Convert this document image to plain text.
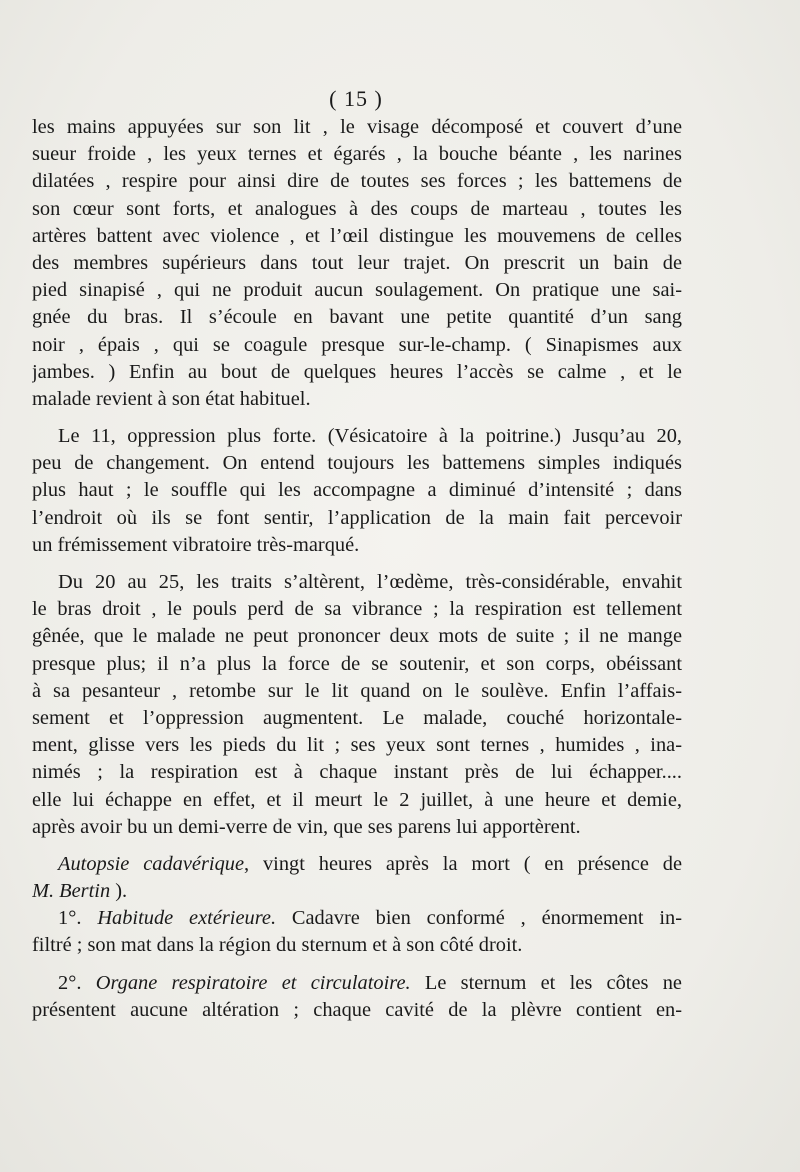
( 15 )
les mains appuyées sur son lit , le visage décomposé et couvert d’une
sueur froide , les yeux ternes et égarés , la bouche béante , les narines
dilatées , respire pour ainsi dire de toutes ses forces ; les battemens de
son cœur sont forts, et analogues à des coups de marteau , toutes les
artères battent avec violence , et l’œil distingue les mouvemens de celles
des membres supérieurs dans tout leur trajet. On prescrit un bain de
pied sinapisé , qui ne produit aucun soulagement. On pratique une sai-
gnée du bras. Il s’écoule en bavant une petite quantité d’un sang
noir , épais , qui se coagule presque sur-le-champ. ( Sinapismes aux
jambes. ) Enfin au bout de quelques heures l’accès se calme , et le
malade revient à son état habituel.
Le 11, oppression plus forte. (Vésicatoire à la poitrine.) Jusqu’au 20,
peu de changement. On entend toujours les battemens simples indiqués
plus haut ; le souffle qui les accompagne a diminué d’intensité ; dans
l’endroit où ils se font sentir, l’application de la main fait percevoir
un frémissement vibratoire très-marqué.
Du 20 au 25, les traits s’altèrent, l’œdème, très-considérable, envahit
le bras droit , le pouls perd de sa vibrance ; la respiration est tellement
gênée, que le malade ne peut prononcer deux mots de suite ; il ne mange
presque plus; il n’a plus la force de se soutenir, et son corps, obéissant
à sa pesanteur , retombe sur le lit quand on le soulève. Enfin l’affais-
sement et l’oppression augmentent. Le malade, couché horizontale-
ment, glisse vers les pieds du lit ; ses yeux sont ternes , humides , ina-
nimés ; la respiration est à chaque instant près de lui échapper....
elle lui échappe en effet, et il meurt le 2 juillet, à une heure et demie,
après avoir bu un demi-verre de vin, que ses parens lui apportèrent.
Autopsie cadavérique, vingt heures après la mort ( en présence de
M. Bertin ).
1°. Habitude extérieure. Cadavre bien conformé , énormement in-
filtré ; son mat dans la région du sternum et à son côté droit.
2°. Organe respiratoire et circulatoire. Le sternum et les côtes ne
présentent aucune altération ; chaque cavité de la plèvre contient en-
